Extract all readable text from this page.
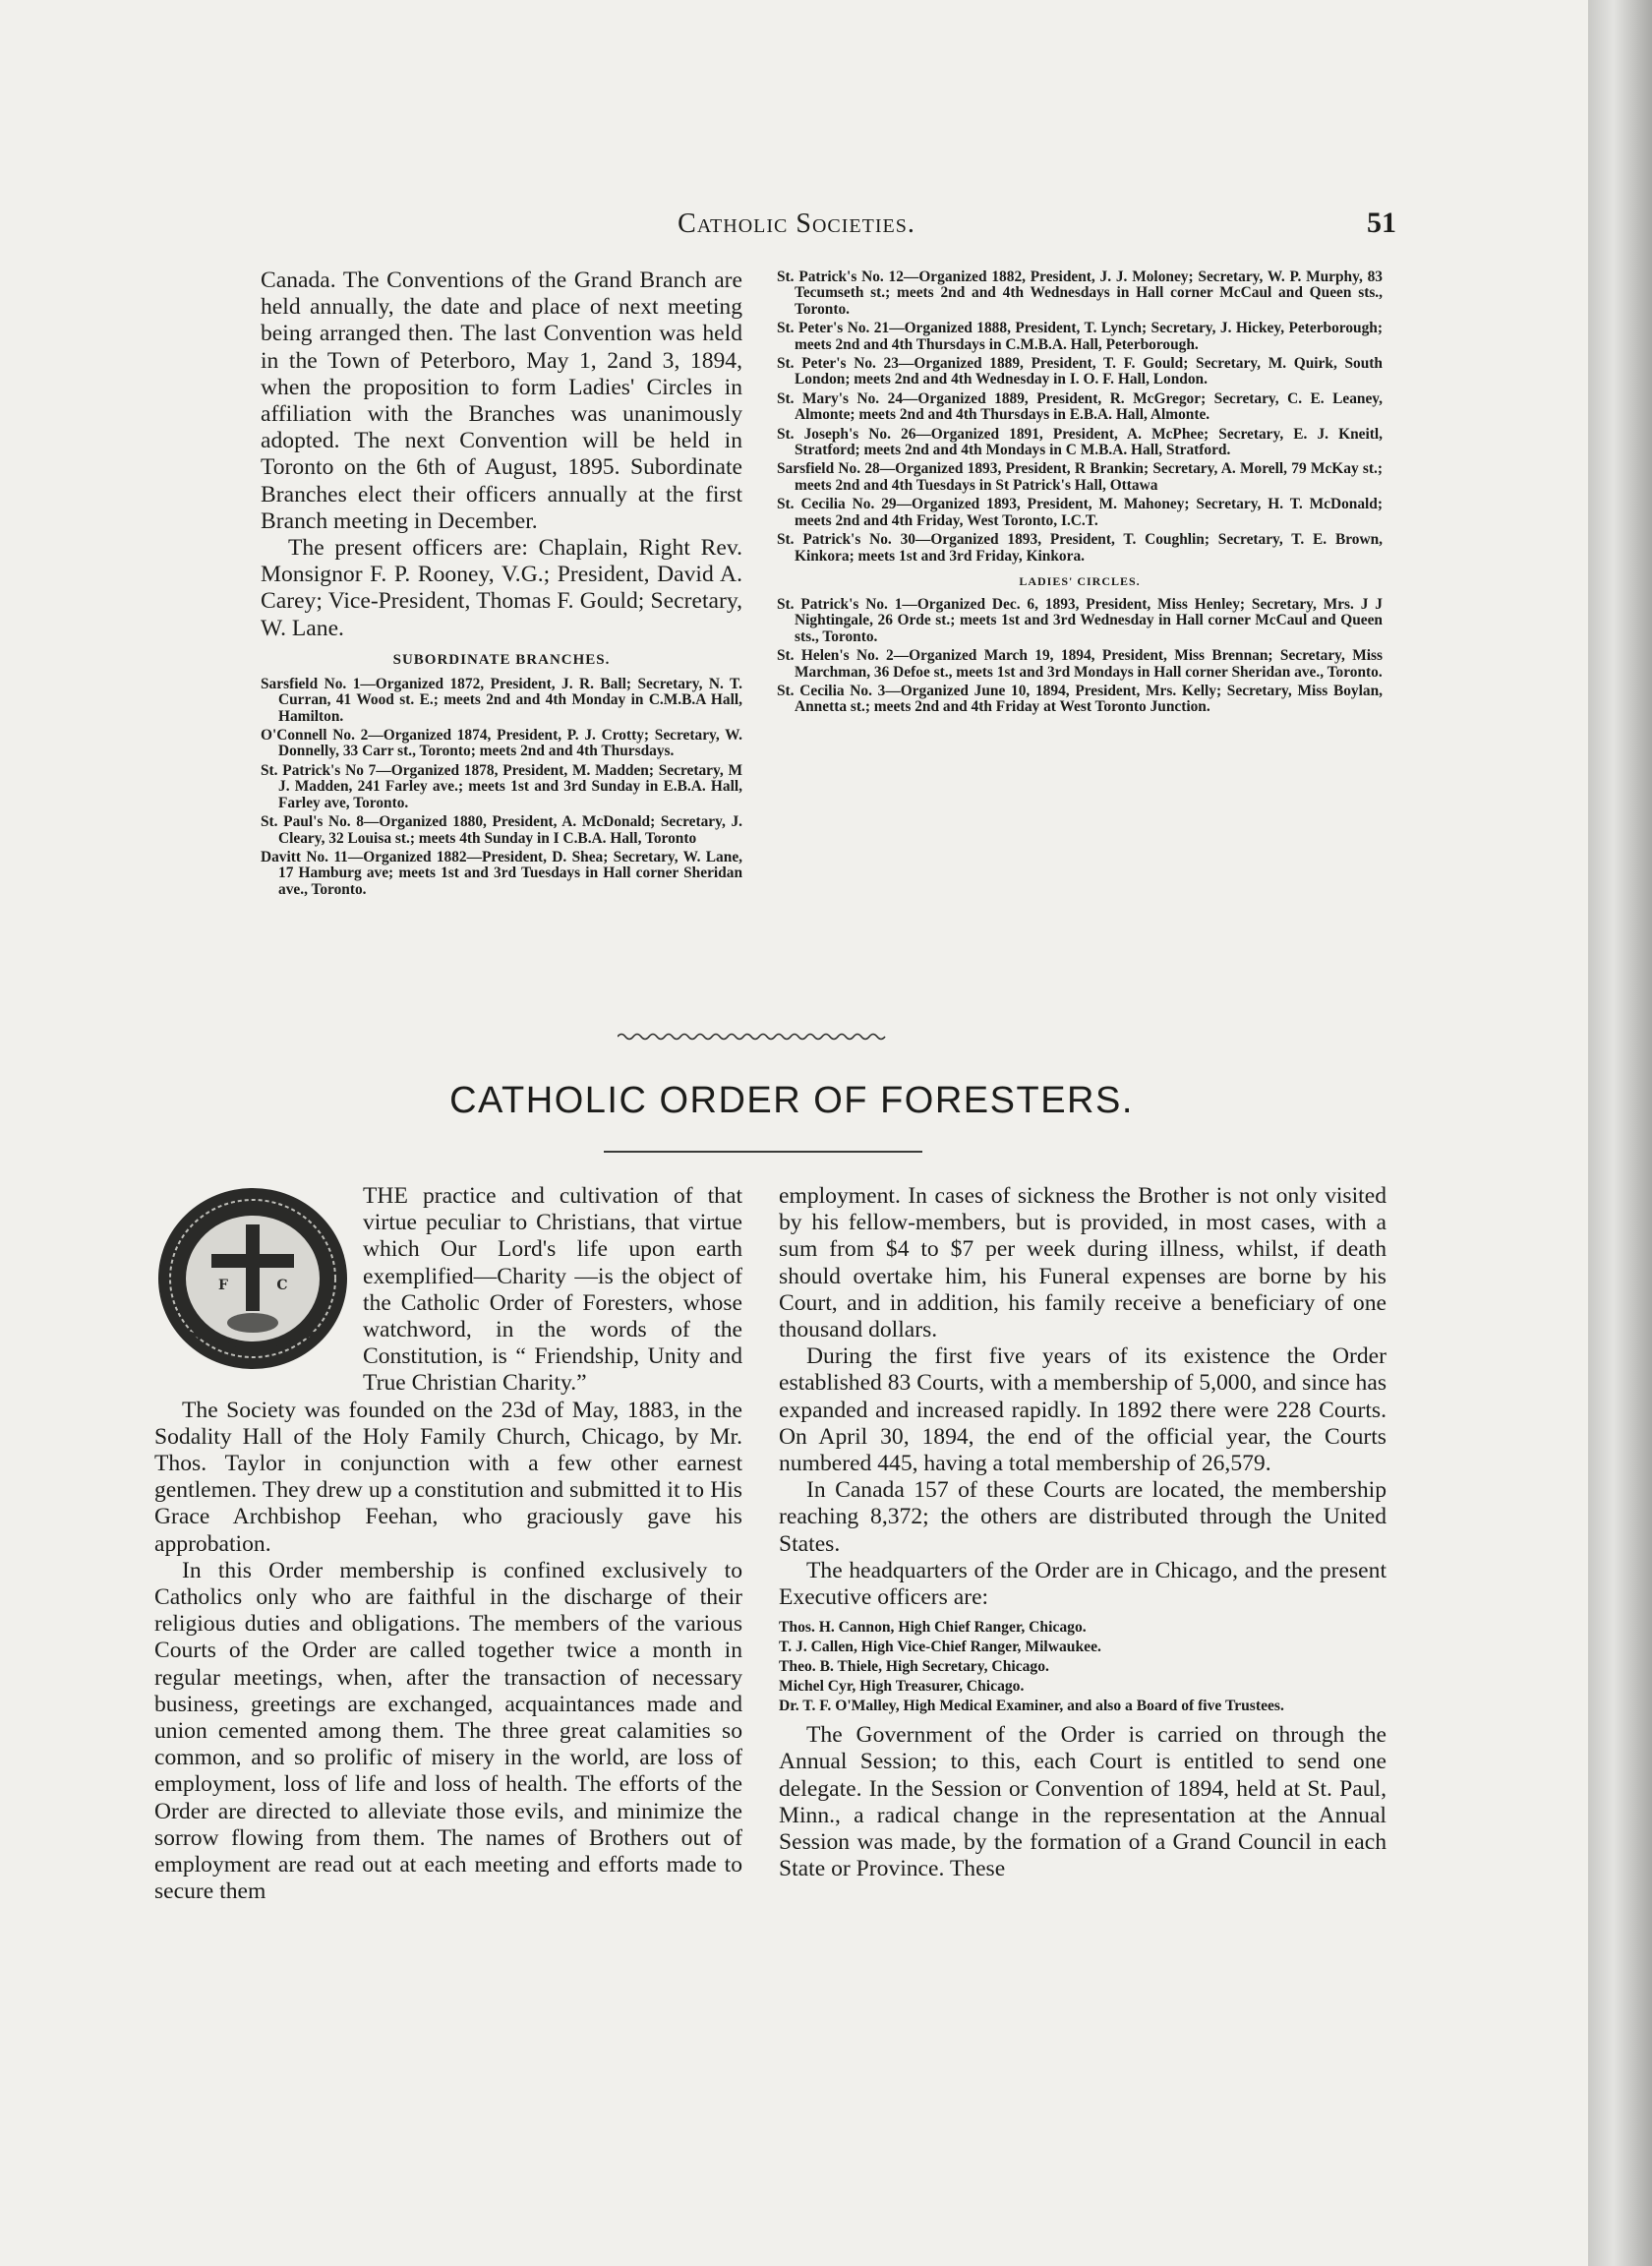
Catholic Societies.	51

Canada. The Conventions of the Grand Branch are held annually, the date and place of next meeting being arranged then. The last Convention was held in the Town of Peterboro, May 1, 2and 3, 1894, when the proposition to form Ladies' Circles in affiliation with the Branches was unanimously adopted. The next Convention will be held in Toronto on the 6th of August, 1895. Subordinate Branches elect their officers annually at the first Branch meeting in December.

The present officers are: Chaplain, Right Rev. Monsignor F. P. Rooney, V.G.; President, David A. Carey; Vice-President, Thomas F. Gould; Secretary, W. Lane.

SUBORDINATE BRANCHES.

Sarsfield No. 1—Organized 1872, President, J. R. Ball; Secretary, N. T. Curran, 41 Wood st. E.; meets 2nd and 4th Monday in C.M.B.A Hall, Hamilton.

O'Connell No. 2—Organized 1874, President, P. J. Crotty; Secretary, W. Donnelly, 33 Carr st., Toronto; meets 2nd and 4th Thursdays.

St. Patrick's No 7—Organized 1878, President, M. Madden; Secretary, M J. Madden, 241 Farley ave.; meets 1st and 3rd Sunday in E.B.A. Hall, Farley ave, Toronto.

St. Paul's No. 8—Organized 1880, President, A. McDonald; Secretary, J. Cleary, 32 Louisa st.; meets 4th Sunday in I C.B.A. Hall, Toronto

Davitt No. 11—Organized 1882—President, D. Shea; Secretary, W. Lane, 17 Hamburg ave; meets 1st and 3rd Tuesdays in Hall corner Sheridan ave., Toronto.

St. Patrick's No. 12—Organized 1882, President, J. J. Moloney; Secretary, W. P. Murphy, 83 Tecumseth st.; meets 2nd and 4th Wednesdays in Hall corner McCaul and Queen sts., Toronto.

St. Peter's No. 21—Organized 1888, President, T. Lynch; Secretary, J. Hickey, Peterborough; meets 2nd and 4th Thursdays in C.M.B.A. Hall, Peterborough.

St. Peter's No. 23—Organized 1889, President, T. F. Gould; Secretary, M. Quirk, South London; meets 2nd and 4th Wednesday in I. O. F. Hall, London.

St. Mary's No. 24—Organized 1889, President, R. McGregor; Secretary, C. E. Leaney, Almonte; meets 2nd and 4th Thursdays in E.B.A. Hall, Almonte.

St. Joseph's No. 26—Organized 1891, President, A. McPhee; Secretary, E. J. Kneitl, Stratford; meets 2nd and 4th Mondays in C M.B.A. Hall, Stratford.

Sarsfield No. 28—Organized 1893, President, R Brankin; Secretary, A. Morell, 79 McKay st.; meets 2nd and 4th Tuesdays in St Patrick's Hall, Ottawa

St. Cecilia No. 29—Organized 1893, President, M. Mahoney; Secretary, H. T. McDonald; meets 2nd and 4th Friday, West Toronto, I.C.T.

St. Patrick's No. 30—Organized 1893, President, T. Coughlin; Secretary, T. E. Brown, Kinkora; meets 1st and 3rd Friday, Kinkora.

LADIES' CIRCLES.

St. Patrick's No. 1—Organized Dec. 6, 1893, President, Miss Henley; Secretary, Mrs. J J Nightingale, 26 Orde st.; meets 1st and 3rd Wednesday in Hall corner McCaul and Queen sts., Toronto.

St. Helen's No. 2—Organized March 19, 1894, President, Miss Brennan; Secretary, Miss Marchman, 36 Defoe st., meets 1st and 3rd Mondays in Hall corner Sheridan ave., Toronto.

St. Cecilia No. 3—Organized June 10, 1894, President, Mrs. Kelly; Secretary, Miss Boylan, Annetta st.; meets 2nd and 4th Friday at West Toronto Junction.

CATHOLIC ORDER OF FORESTERS.
H
F	C

THE practice and cultivation of that virtue peculiar to Christians, that virtue which Our Lord's life upon earth exemplified—Charity —is the object of the Catholic Order of Foresters, whose watchword, in the words of the Constitution, is “ Friendship, Unity and True Christian Charity.”

The Society was founded on the 23d of May, 1883, in the Sodality Hall of the Holy Family Church, Chicago, by Mr. Thos. Taylor in conjunction with a few other earnest gentlemen. They drew up a constitution and submitted it to His Grace Archbishop Feehan, who graciously gave his approbation.

In this Order membership is confined exclusively to Catholics only who are faithful in the discharge of their religious duties and obligations. The members of the various Courts of the Order are called together twice a month in regular meetings, when, after the transaction of necessary business, greetings are exchanged, acquaintances made and union cemented among them. The three great calamities so common, and so prolific of misery in the world, are loss of employment, loss of life and loss of health. The efforts of the Order are directed to alleviate those evils, and minimize the sorrow flowing from them. The names of Brothers out of employment are read out at each meeting and efforts made to secure them

employment. In cases of sickness the Brother is not only visited by his fellow-members, but is provided, in most cases, with a sum from $4 to $7 per week during illness, whilst, if death should overtake him, his Funeral expenses are borne by his Court, and in addition, his family receive a beneficiary of one thousand dollars.

During the first five years of its existence the Order established 83 Courts, with a membership of 5,000, and since has expanded and increased rapidly. In 1892 there were 228 Courts. On April 30, 1894, the end of the official year, the Courts numbered 445, having a total membership of 26,579.

In Canada 157 of these Courts are located, the membership reaching 8,372; the others are distributed through the United States.

The headquarters of the Order are in Chicago, and the present Executive officers are:

Thos. H. Cannon, High Chief Ranger, Chicago.

T. J. Callen, High Vice-Chief Ranger, Milwaukee.

Theo. B. Thiele, High Secretary, Chicago.

Michel Cyr, High Treasurer, Chicago.

Dr. T. F. O'Malley, High Medical Examiner, and also a Board of five Trustees.

The Government of the Order is carried on through the Annual Session; to this, each Court is entitled to send one delegate. In the Session or Convention of 1894, held at St. Paul, Minn., a radical change in the representation at the Annual Session was made, by the formation of a Grand Council in each State or Province. These
